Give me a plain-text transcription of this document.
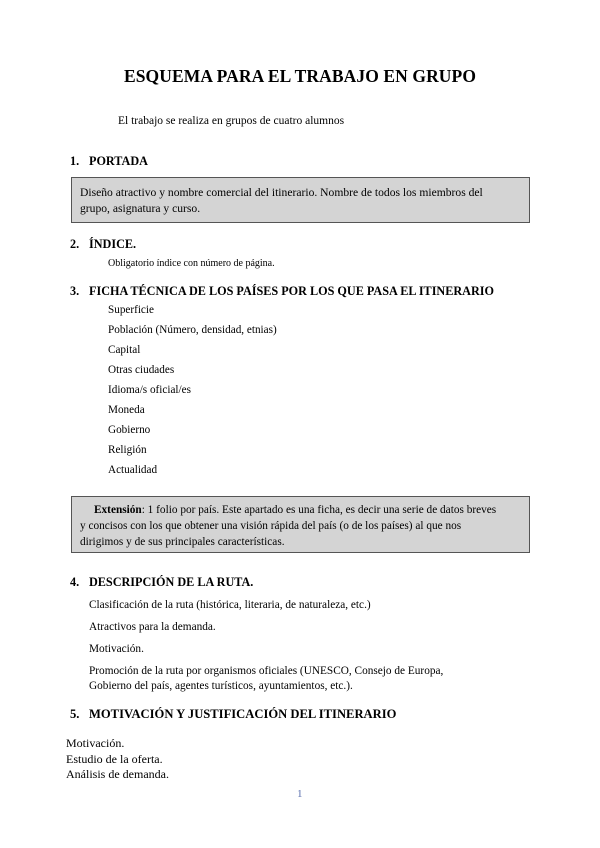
ESQUEMA PARA EL TRABAJO EN GRUPO
El trabajo se realiza en grupos de cuatro alumnos
1. PORTADA
Diseño atractivo y nombre comercial del itinerario. Nombre de todos los miembros del
grupo, asignatura y curso.
2. ÍNDICE.
Obligatorio índice con número de página.
3. FICHA TÉCNICA DE LOS PAÍSES POR LOS QUE PASA EL ITINERARIO
Superficie
Población (Número, densidad, etnias)
Capital
Otras ciudades
Idioma/s oficial/es
Moneda
Gobierno
Religión
Actualidad
Extensión: 1 folio por país. Este apartado es una ficha, es decir una serie de datos breves
y concisos con los que obtener una visión rápida del país (o de los países) al que nos
dirigimos y de sus principales características.
4. DESCRIPCIÓN DE LA RUTA.
Clasificación de la ruta (histórica, literaria, de naturaleza, etc.)
Atractivos para la demanda.
Motivación.
Promoción de la ruta por organismos oficiales (UNESCO, Consejo de Europa,
Gobierno del país, agentes turísticos, ayuntamientos, etc.).
5. MOTIVACIÓN Y JUSTIFICACIÓN DEL ITINERARIO
Motivación.
Estudio de la oferta.
Análisis de demanda.
1
